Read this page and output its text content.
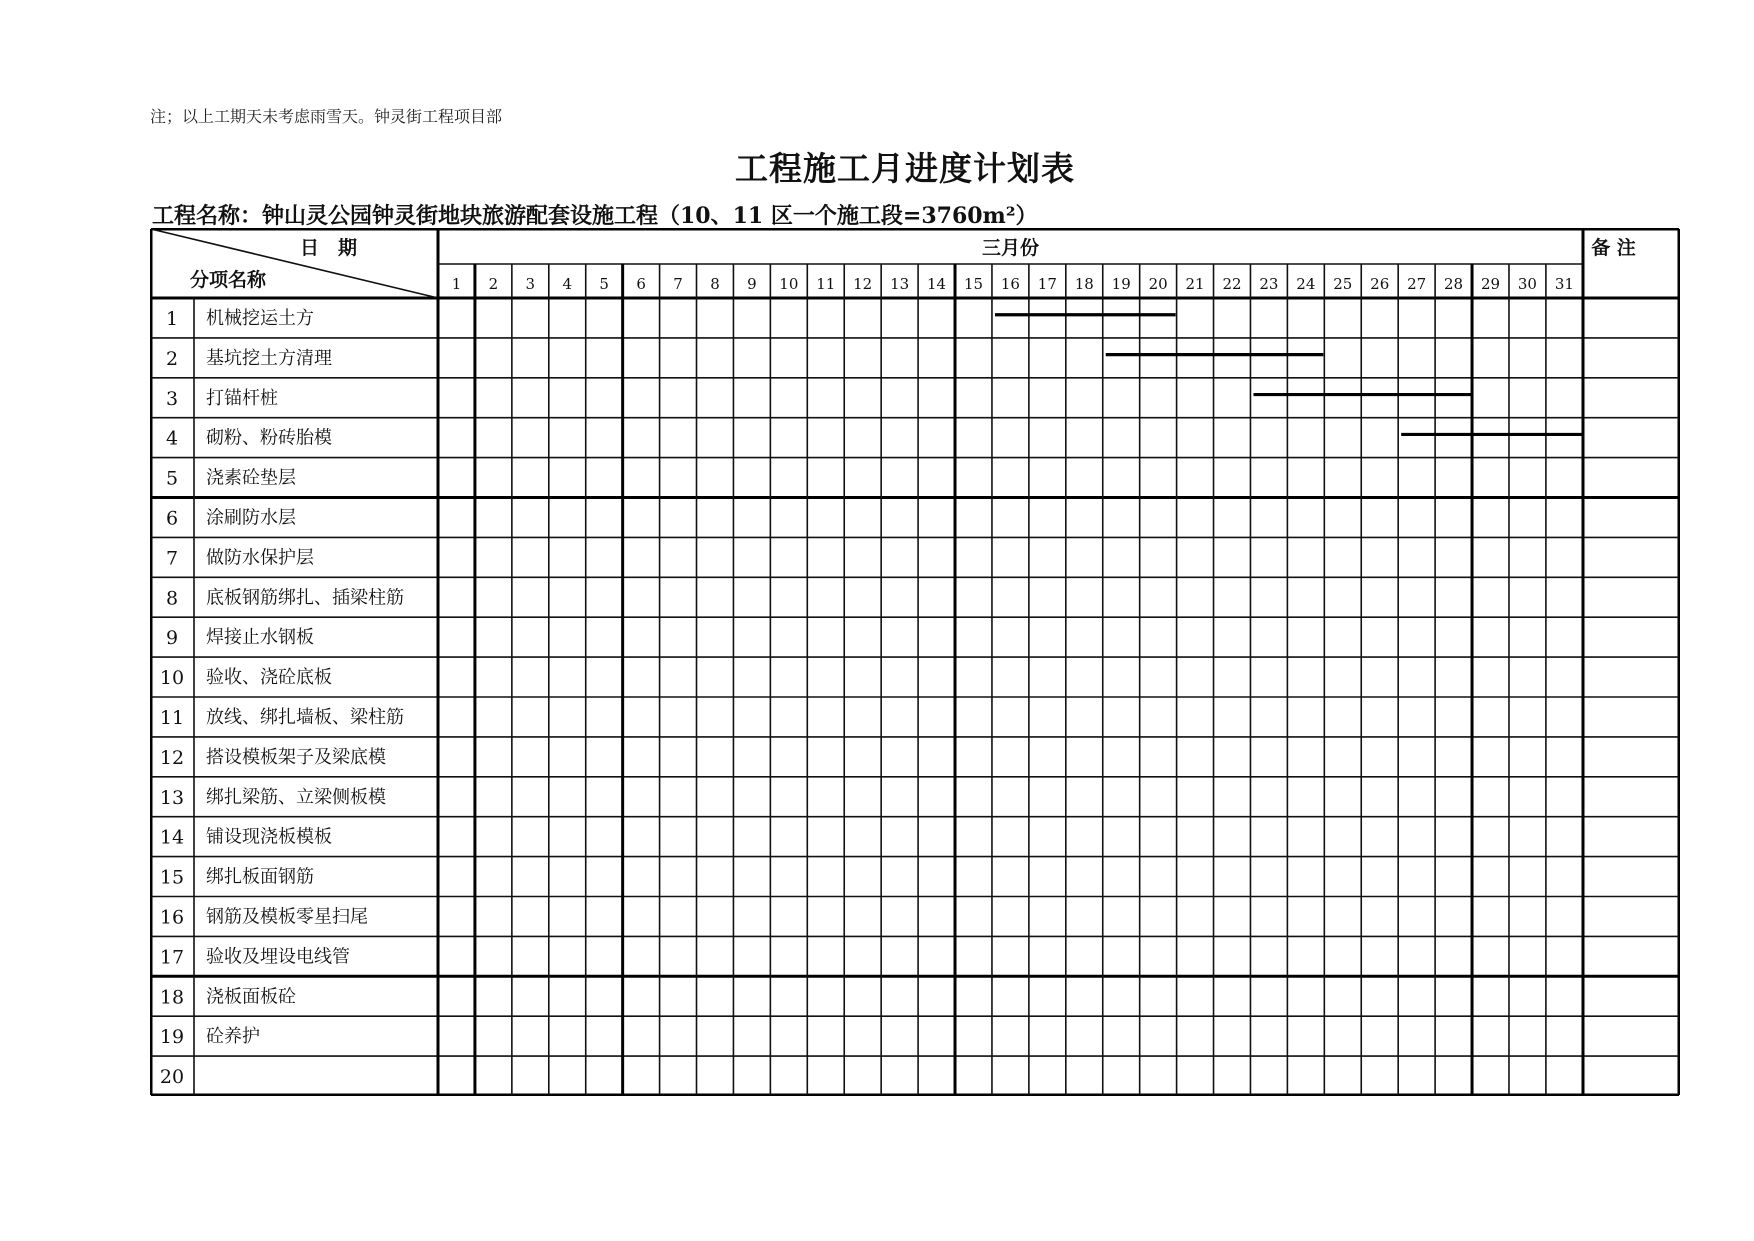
注；以上工期天未考虑雨雪天。钟灵街工程项目部
工程施工月进度计划表
工程名称：钟山灵公园钟灵街地块旅游配套设施工程（10、11 区一个施工段=3760m²）
日　期
分项名称
三月份	备 注
1 2 3 4 5 6 7 8 9 10 11 12 13 14 15 16 17 18 19 20 21 22 23 24 25 26 27 28 29 30 31
1 机械挖运土方
2 基坑挖土方清理
3 打锚杆桩
4 砌粉、粉砖胎模
5 浇素砼垫层
6 涂刷防水层
7 做防水保护层
8 底板钢筋绑扎、插梁柱筋
9 焊接止水钢板
10 验收、浇砼底板
11 放线、绑扎墙板、梁柱筋
12 搭设模板架子及梁底模
13 绑扎梁筋、立梁侧板模
14 铺设现浇板模板
15 绑扎板面钢筋
16 钢筋及模板零星扫尾
17 验收及埋设电线管
18 浇板面板砼
19 砼养护
20
